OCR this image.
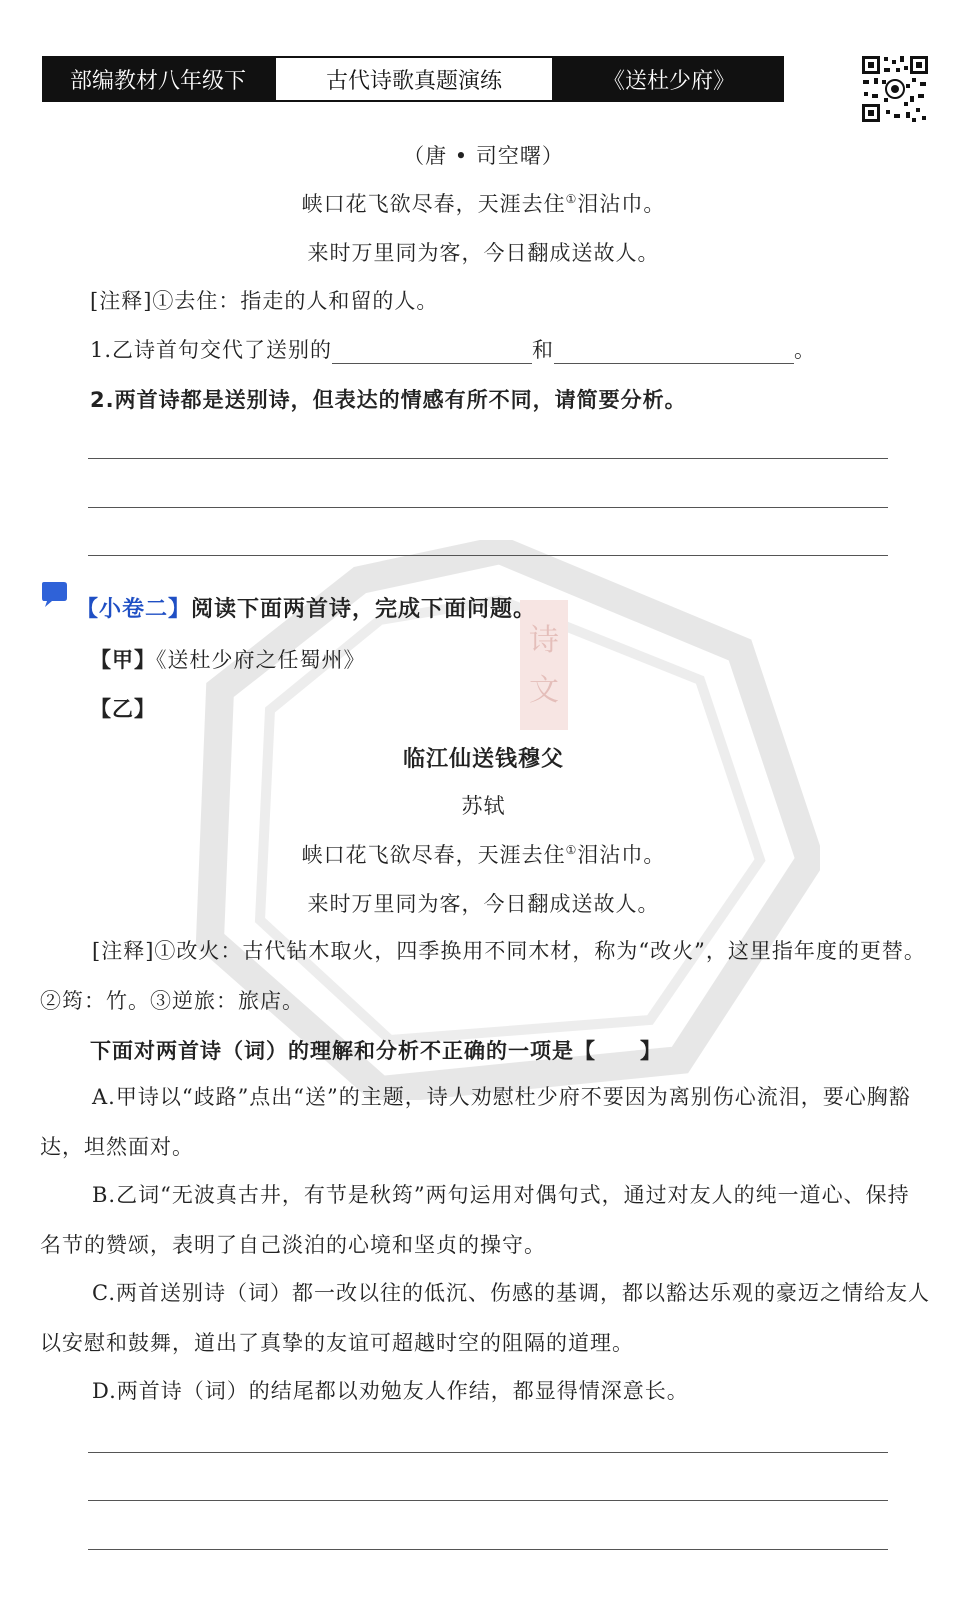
部编教材八年级下	古代诗歌真题演练	《送杜少府》
诗
文
（唐 • 司空曙）
峡口花飞欲尽春，天涯去住①泪沾巾。
来时万里同为客，今日翻成送故人。
[注释]①去住：指走的人和留的人。
1.乙诗首句交代了送别的	和	。
2.两首诗都是送别诗，但表达的情感有所不同，请简要分析。
【小卷二】阅读下面两首诗，完成下面问题。
【甲】《送杜少府之任蜀州》
【乙】
临江仙送钱穆父
苏轼
峡口花飞欲尽春，天涯去住①泪沾巾。
来时万里同为客，今日翻成送故人。
[注释]①改火：古代钻木取火，四季换用不同木材，称为“改火”，这里指年度的更替。②筠：竹。③逆旅：旅店。
下面对两首诗（词）的理解和分析不正确的一项是【　　】
A.甲诗以“歧路”点出“送”的主题，诗人劝慰杜少府不要因为离别伤心流泪，要心胸豁达，坦然面对。
B.乙词“无波真古井，有节是秋筠”两句运用对偶句式，通过对友人的纯一道心、保持名节的赞颂，表明了自己淡泊的心境和坚贞的操守。
C.两首送别诗（词）都一改以往的低沉、伤感的基调，都以豁达乐观的豪迈之情给友人以安慰和鼓舞，道出了真挚的友谊可超越时空的阻隔的道理。
D.两首诗（词）的结尾都以劝勉友人作结，都显得情深意长。
